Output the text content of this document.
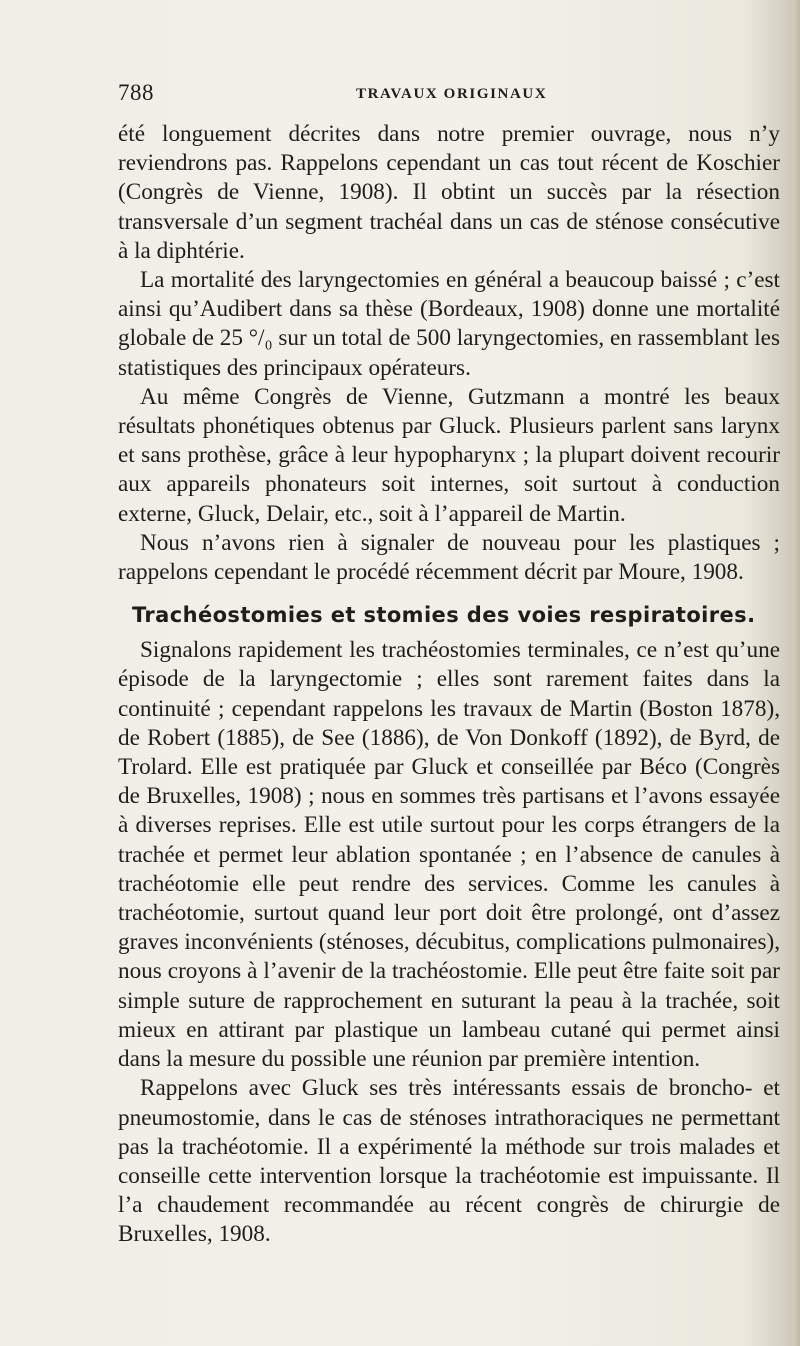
788	TRAVAUX ORIGINAUX

été longuement décrites dans notre premier ouvrage, nous n’y reviendrons pas. Rappelons cependant un cas tout récent de Koschier (Congrès de Vienne, 1908). Il obtint un succès par la résection transversale d’un segment trachéal dans un cas de sténose consécutive à la diphtérie.

La mortalité des laryngectomies en général a beaucoup baissé ; c’est ainsi qu’Audibert dans sa thèse (Bordeaux, 1908) donne une mortalité globale de 25 °/₀ sur un total de 500 laryngectomies, en rassemblant les statistiques des principaux opérateurs.

Au même Congrès de Vienne, Gutzmann a montré les beaux résultats phonétiques obtenus par Gluck. Plusieurs parlent sans larynx et sans prothèse, grâce à leur hypopharynx ; la plupart doivent recourir aux appareils phonateurs soit internes, soit surtout à conduction externe, Gluck, Delair, etc., soit à l’appareil de Martin.

Nous n’avons rien à signaler de nouveau pour les plastiques ; rappelons cependant le procédé récemment décrit par Moure, 1908.

Trachéostomies et stomies des voies respiratoires.

Signalons rapidement les trachéostomies terminales, ce n’est qu’une épisode de la laryngectomie ; elles sont rarement faites dans la continuité ; cependant rappelons les travaux de Martin (Boston 1878), de Robert (1885), de See (1886), de Von Donkoff (1892), de Byrd, de Trolard. Elle est pratiquée par Gluck et conseillée par Béco (Congrès de Bruxelles, 1908) ; nous en sommes très partisans et l’avons essayée à diverses reprises. Elle est utile surtout pour les corps étrangers de la trachée et permet leur ablation spontanée ; en l’absence de canules à trachéotomie elle peut rendre des services. Comme les canules à trachéotomie, surtout quand leur port doit être prolongé, ont d’assez graves inconvénients (sténoses, décubitus, complications pulmonaires), nous croyons à l’avenir de la trachéostomie. Elle peut être faite soit par simple suture de rapprochement en suturant la peau à la trachée, soit mieux en attirant par plastique un lambeau cutané qui permet ainsi dans la mesure du possible une réunion par première intention.

Rappelons avec Gluck ses très intéressants essais de broncho- et pneumostomie, dans le cas de sténoses intrathoraciques ne permettant pas la trachéotomie. Il a expérimenté la méthode sur trois malades et conseille cette intervention lorsque la trachéotomie est impuissante. Il l’a chaudement recommandée au récent congrès de chirurgie de Bruxelles, 1908.
